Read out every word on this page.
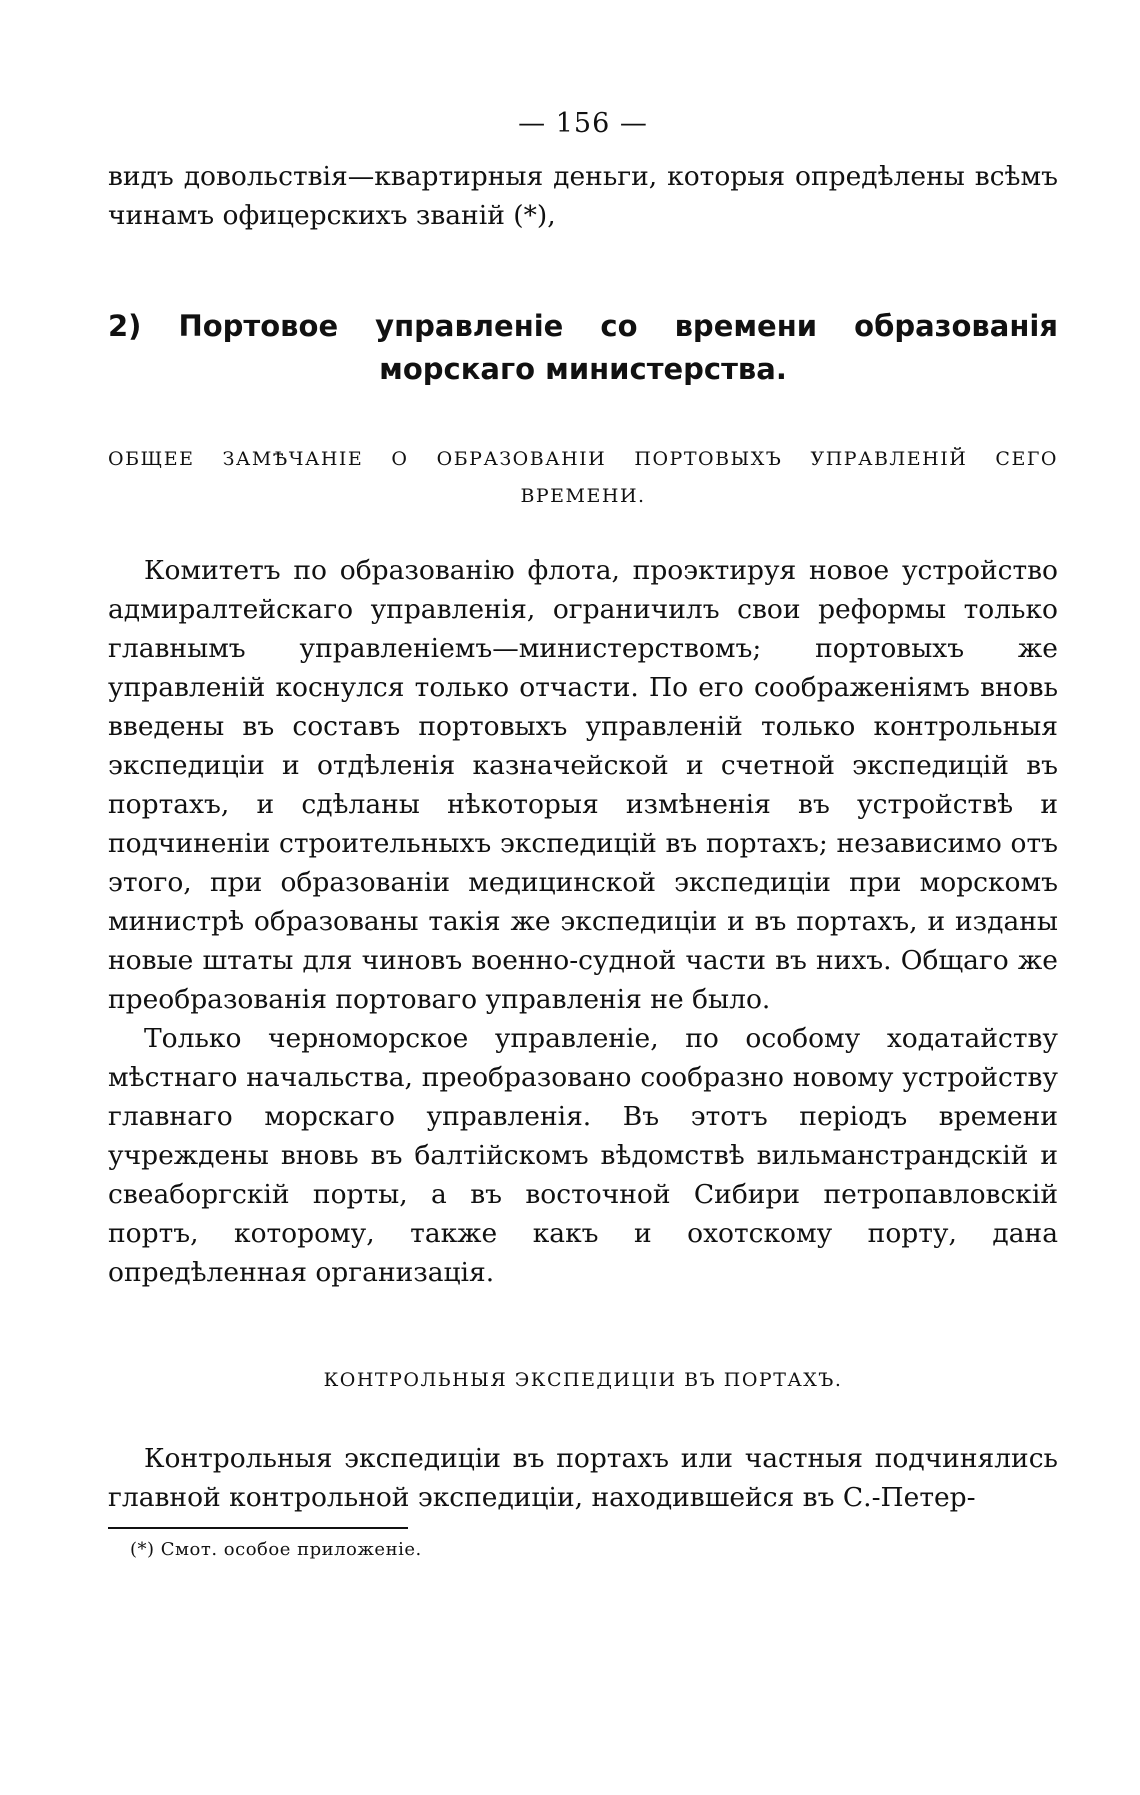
— 156 —

видъ довольствія—квартирныя деньги, которыя опредѣлены всѣмъ чинамъ офицерскихъ званій (*),

2) Портовое управленіе со времени образованія
морскаго министерства.
ОБЩЕЕ ЗАМѢЧАНІЕ О ОБРАЗОВАНІИ ПОРТОВЫХЪ УПРАВЛЕНІЙ СЕГО ВРЕМЕНИ.

Комитетъ по образованію флота, проэктируя новое устройство адмиралтейскаго управленія, ограничилъ свои реформы только главнымъ управленіемъ—министерствомъ; портовыхъ же управленій коснулся только отчасти. По его соображеніямъ вновь введены въ составъ портовыхъ управленій только контрольныя экспедиціи и отдѣленія казначейской и счетной экспедицій въ портахъ, и сдѣланы нѣкоторыя измѣненія въ устройствѣ и подчиненіи строительныхъ экспедицій въ портахъ; независимо отъ этого, при образованіи медицинской экспедиціи при морскомъ министрѣ образованы такія же экспедиціи и въ портахъ, и изданы новые штаты для чиновъ военно-судной части въ нихъ. Общаго же преобразованія портоваго управленія не было.

Только черноморское управленіе, по особому ходатайству мѣстнаго начальства, преобразовано сообразно новому устройству главнаго морскаго управленія. Въ этотъ періодъ времени учреждены вновь въ балтійскомъ вѣдомствѣ вильманстрандскій и свеаборгскій порты, а въ восточной Сибири петропавловскій портъ, которому, также какъ и охотскому порту, дана опредѣленная организація.

КОНТРОЛЬНЫЯ ЭКСПЕДИЦІИ ВЪ ПОРТАХЪ.

Контрольныя экспедиціи въ портахъ или частныя подчинялись главной контрольной экспедиціи, находившейся въ С.-Петер-

(*) Смот. особое приложеніе.
